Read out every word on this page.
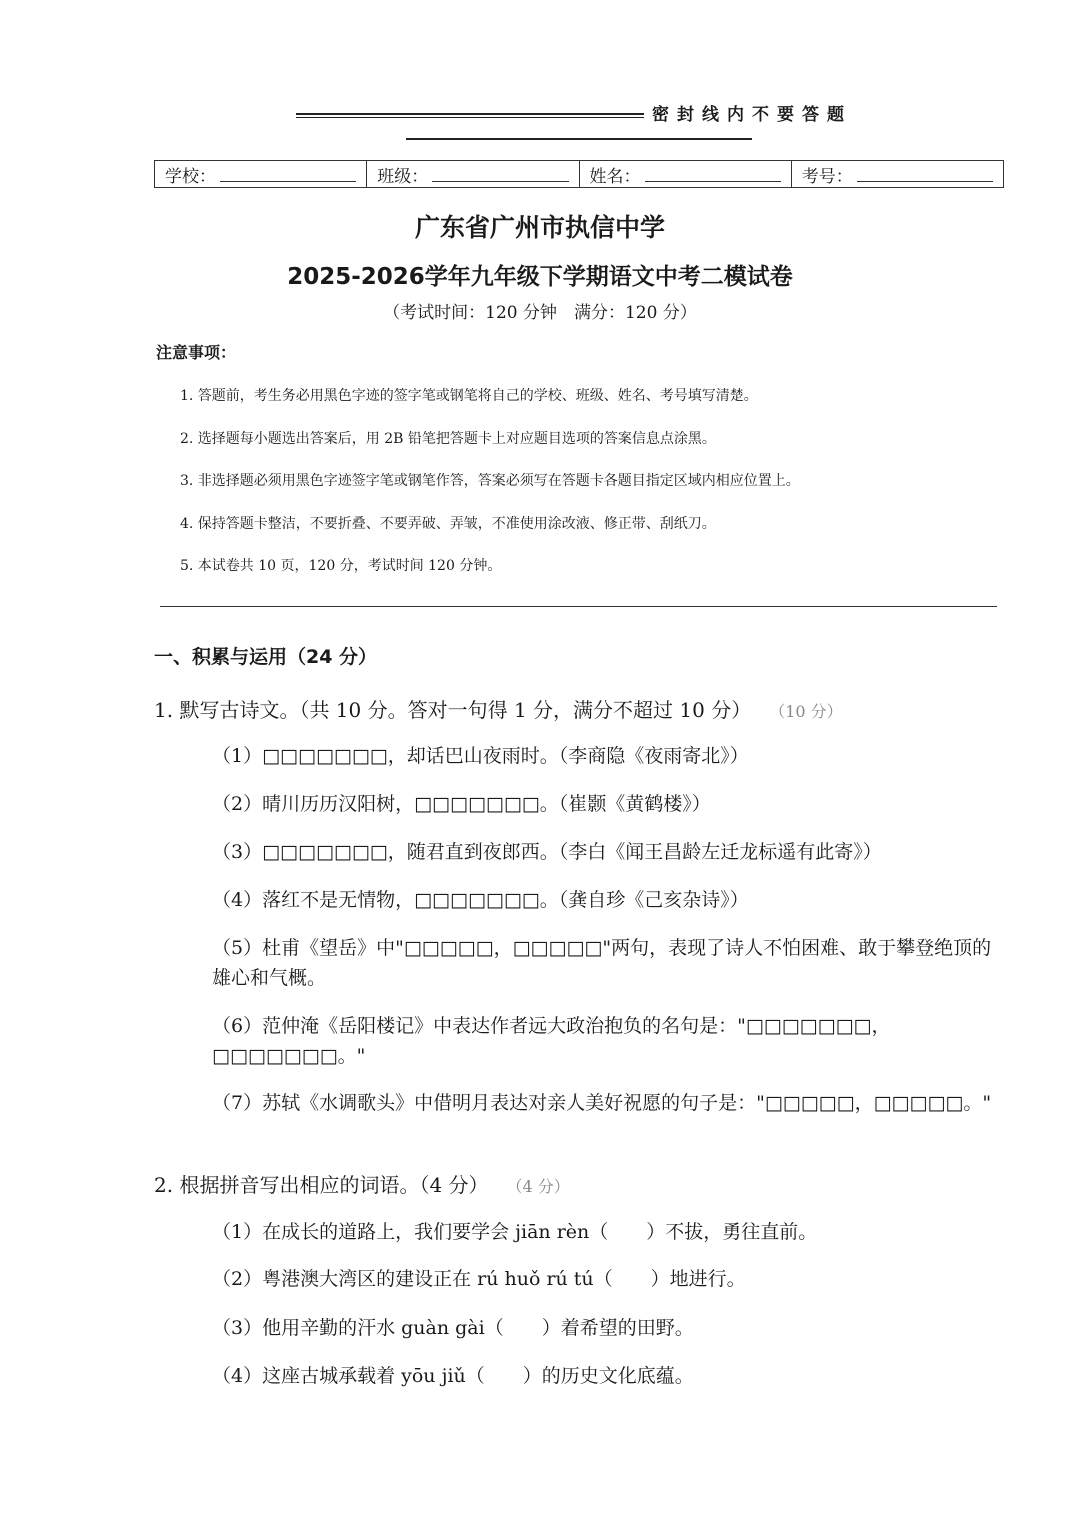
密封线内不要答题
学校：	班级：	姓名：	考号：
广东省广州市执信中学
2025-2026学年九年级下学期语文中考二模试卷
（考试时间：120 分钟　满分：120 分）
注意事项：
1. 答题前，考生务必用黑色字迹的签字笔或钢笔将自己的学校、班级、姓名、考号填写清楚。
2. 选择题每小题选出答案后，用 2B 铅笔把答题卡上对应题目选项的答案信息点涂黑。
3. 非选择题必须用黑色字迹签字笔或钢笔作答，答案必须写在答题卡各题目指定区域内相应位置上。
4. 保持答题卡整洁，不要折叠、不要弄破、弄皱，不准使用涂改液、修正带、刮纸刀。
5. 本试卷共 10 页，120 分，考试时间 120 分钟。
一、积累与运用（24 分）
1. 默写古诗文。（共 10 分。答对一句得 1 分，满分不超过 10 分） （10 分）
（1）□□□□□□□，却话巴山夜雨时。（李商隐《夜雨寄北》）
（2）晴川历历汉阳树，□□□□□□□。（崔颢《黄鹤楼》）
（3）□□□□□□□，随君直到夜郎西。（李白《闻王昌龄左迁龙标遥有此寄》）
（4）落红不是无情物，□□□□□□□。（龚自珍《己亥杂诗》）
（5）杜甫《望岳》中"□□□□□，□□□□□"两句，表现了诗人不怕困难、敢于攀登绝顶的雄心和气概。
（6）范仲淹《岳阳楼记》中表达作者远大政治抱负的名句是："□□□□□□□，□□□□□□□。"
（7）苏轼《水调歌头》中借明月表达对亲人美好祝愿的句子是："□□□□□，□□□□□。"
2. 根据拼音写出相应的词语。（4 分） （4 分）
（1）在成长的道路上，我们要学会 jiān rèn（　　）不拔，勇往直前。
（2）粤港澳大湾区的建设正在 rú huǒ rú tú（　　）地进行。
（3）他用辛勤的汗水 guàn gài（　　）着希望的田野。
（4）这座古城承载着 yōu jiǔ（　　）的历史文化底蕴。
